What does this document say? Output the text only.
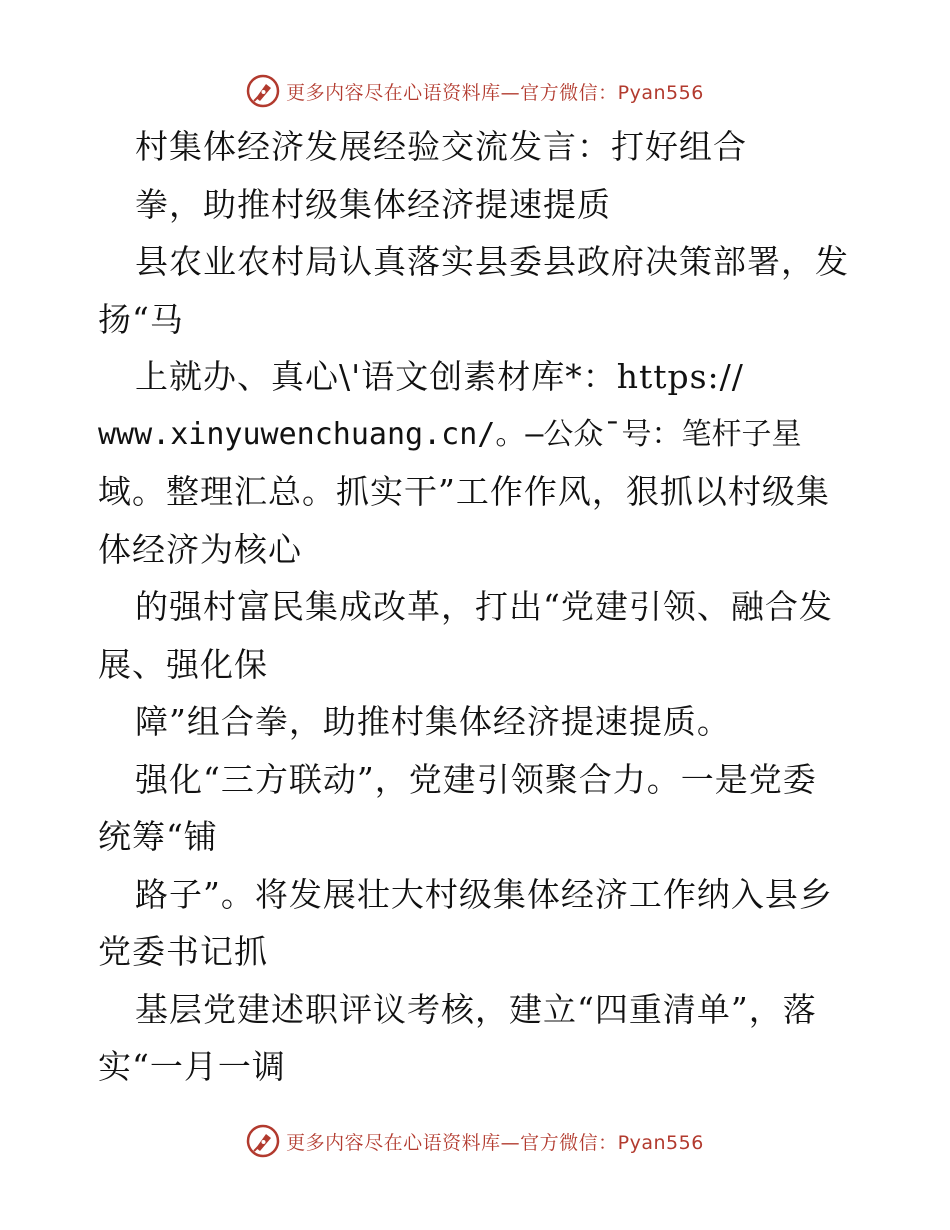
更多内容尽在心语资料库—官方微信：Pyan556
村集体经济发展经验交流发言：打好组合
拳，助推村级集体经济提速提质
县农业农村局认真落实县委县政府决策部署，发
扬“马
上就办、真心\'语文创素材库*：https://
www.xinyuwenchuang.cn/。—公众¯号：笔杆子星
域。整理汇总。抓实干”工作作风，狠抓以村级集
体经济为核心
的强村富民集成改革，打出“党建引领、融合发
展、强化保
障”组合拳，助推村集体经济提速提质。
强化“三方联动”，党建引领聚合力。一是党委
统筹“铺
路子”。将发展壮大村级集体经济工作纳入县乡
党委书记抓
基层党建述职评议考核，建立“四重清单”，落
实“一月一调
更多内容尽在心语资料库—官方微信：Pyan556
